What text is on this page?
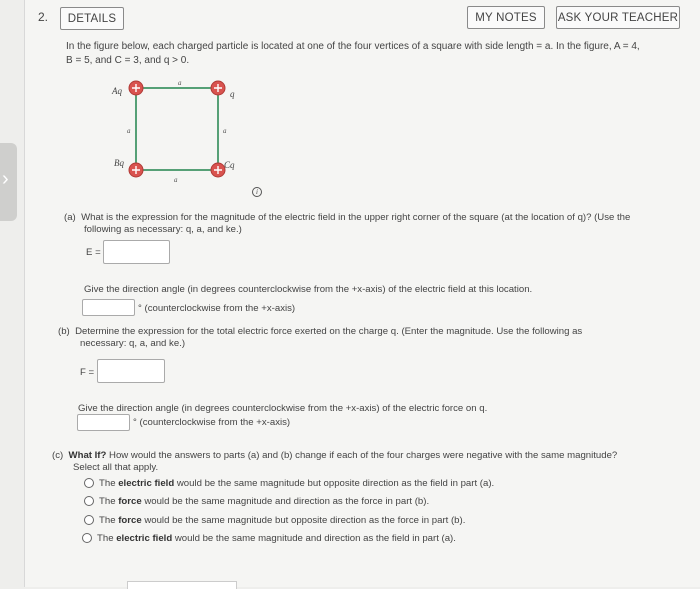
›
2.	DETAILS	MY NOTES	ASK YOUR TEACHER
In the figure below, each charged particle is located at one of the four vertices of a square with side length = a. In the figure, A = 4,
B = 5, and C = 3, and q > 0.
Aq	q
Bq	Cq
a
a
a	a
i
(a) What is the expression for the magnitude of the electric field in the upper right corner of the square (at the location of q)? (Use the
following as necessary: q, a, and ke.)
E =
Give the direction angle (in degrees counterclockwise from the +x-axis) of the electric field at this location.
° (counterclockwise from the +x-axis)
(b) Determine the expression for the total electric force exerted on the charge q. (Enter the magnitude. Use the following as
necessary: q, a, and ke.)
F =
Give the direction angle (in degrees counterclockwise from the +x-axis) of the electric force on q.
° (counterclockwise from the +x-axis)
(c) What If? How would the answers to parts (a) and (b) change if each of the four charges were negative with the same magnitude?
Select all that apply.
The electric field would be the same magnitude but opposite direction as the field in part (a).
The force would be the same magnitude and direction as the force in part (b).
The force would be the same magnitude but opposite direction as the force in part (b).
The electric field would be the same magnitude and direction as the field in part (a).
